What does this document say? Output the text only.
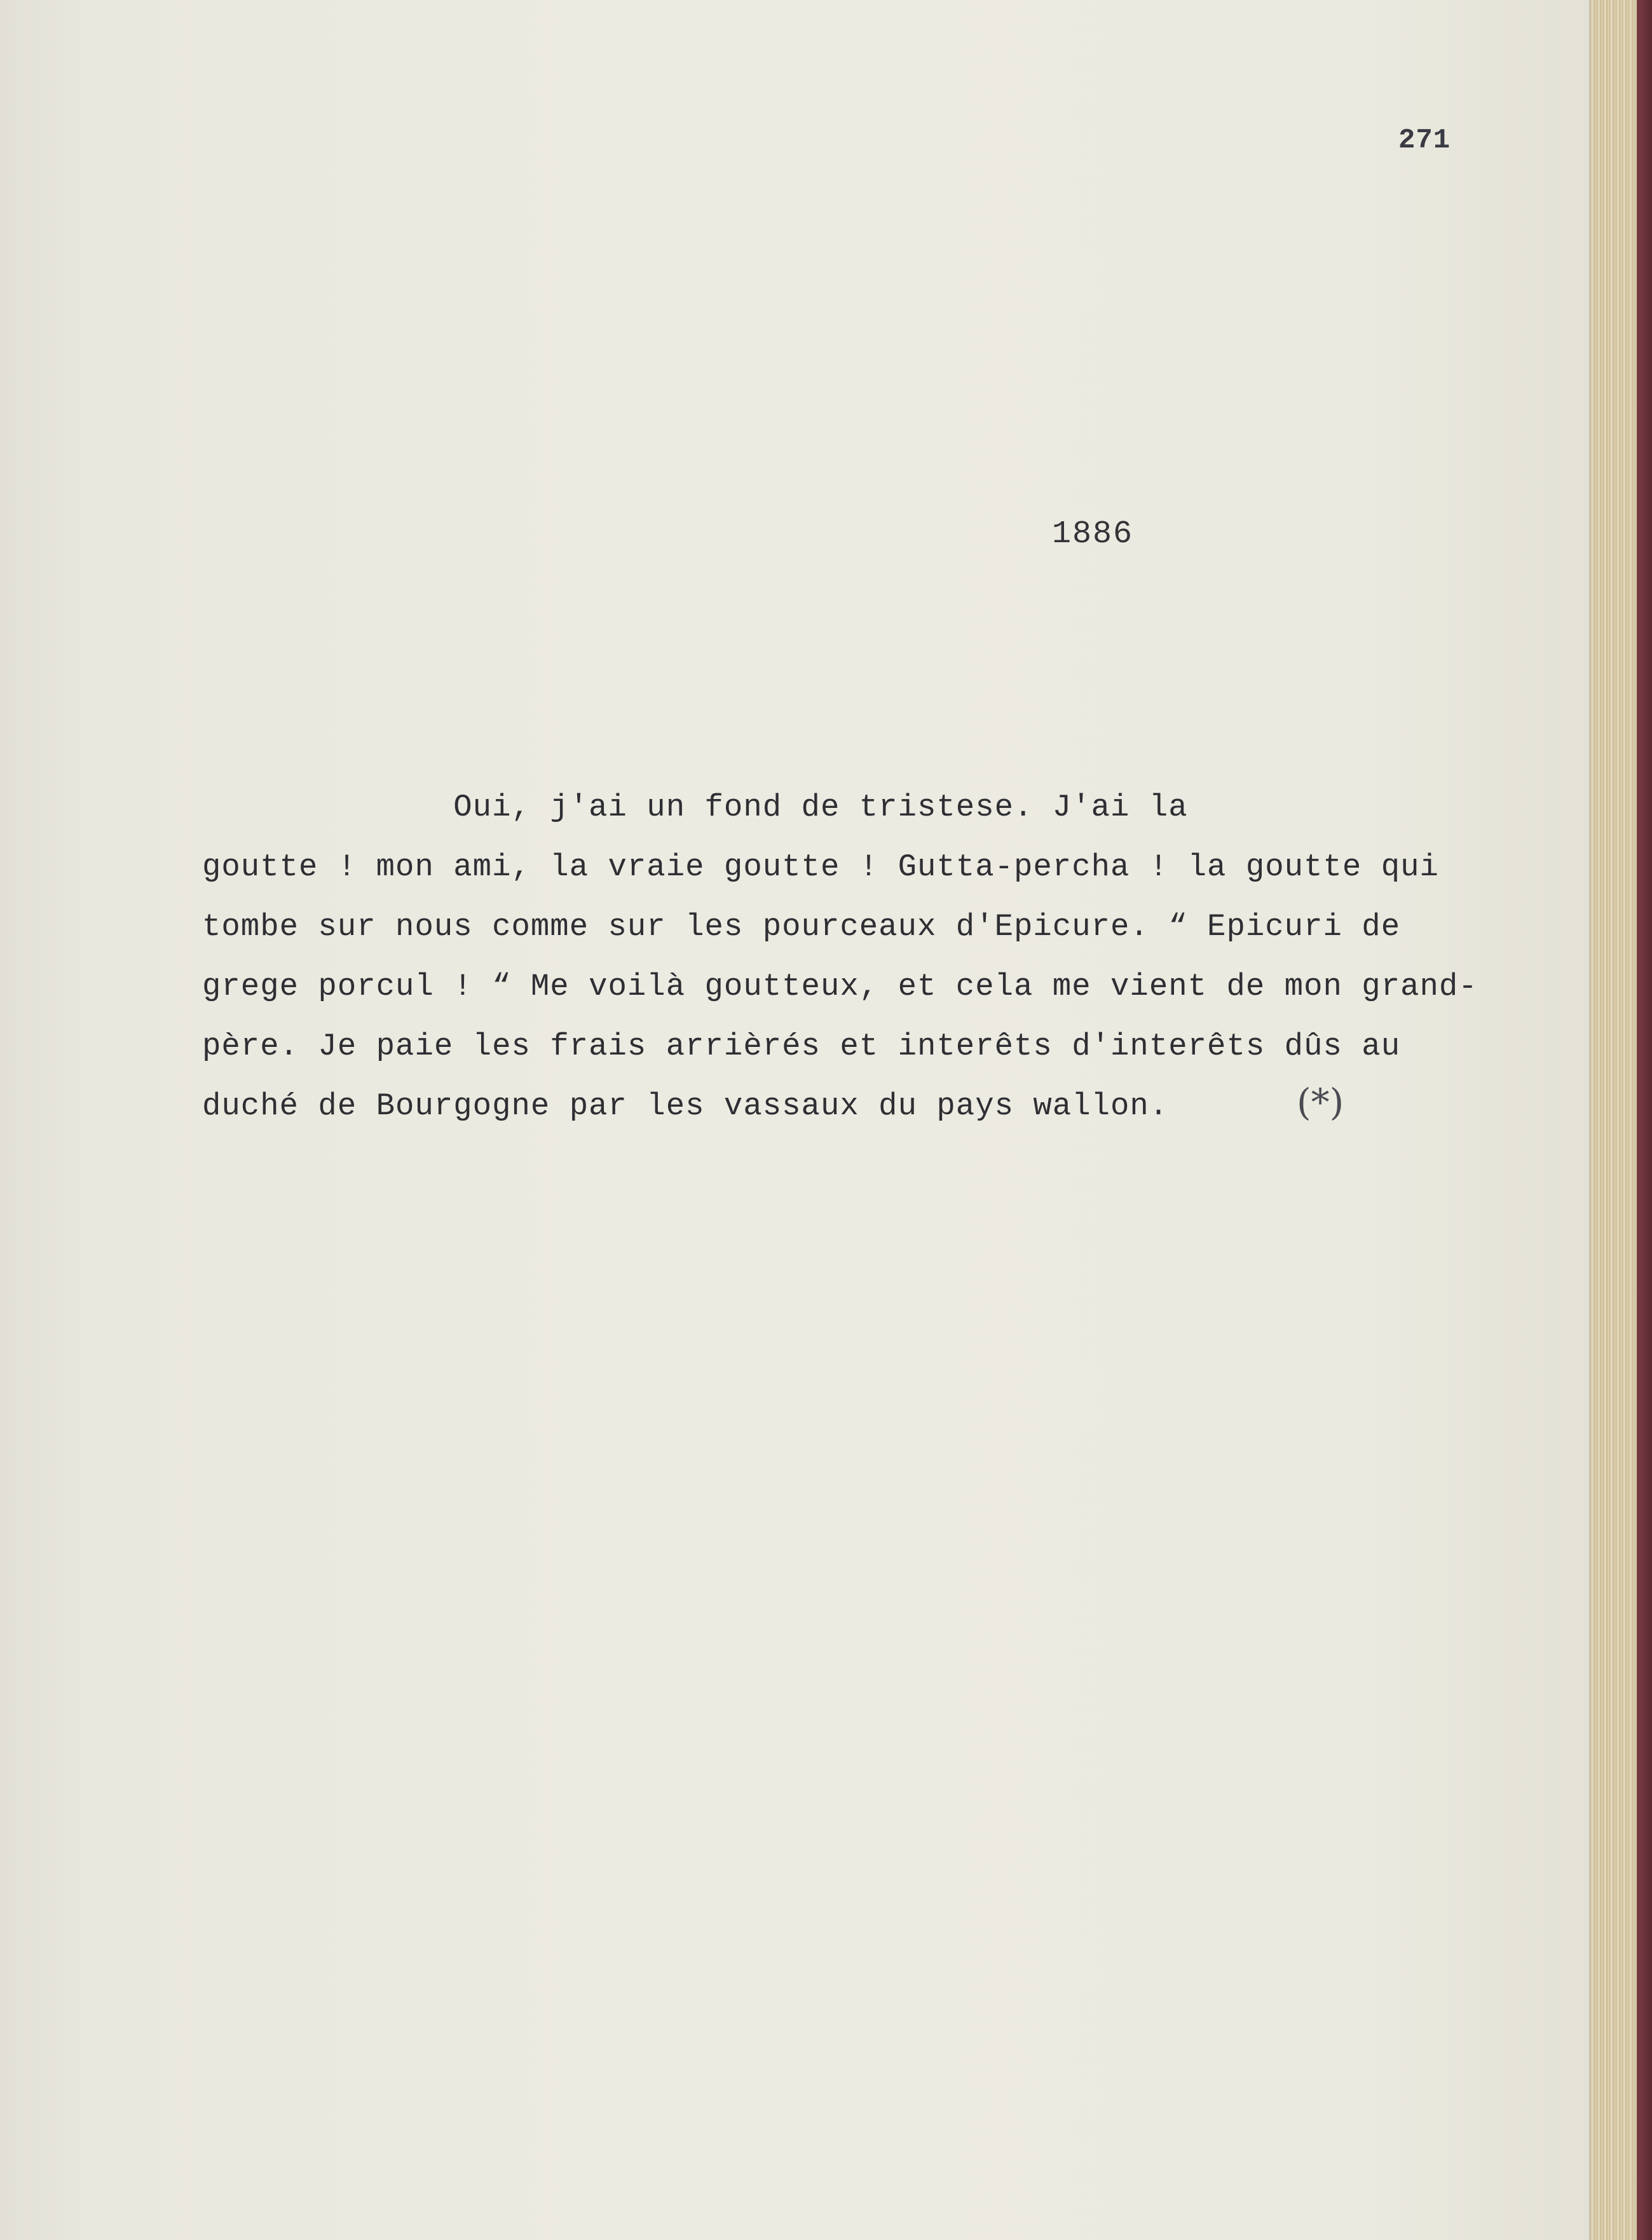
271
1886
Oui, j'ai un fond de tristese. J'ai la
goutte ! mon ami, la vraie goutte ! Gutta-percha ! la goutte qui
tombe sur nous comme sur les pourceaux d'Epicure. “ Epicuri de
grege porcul ! “ Me voilà goutteux, et cela me vient de mon grand-
père. Je paie les frais arrièrés et interêts d'interêts dûs au
duché de Bourgogne par les vassaux du pays wallon.	(*)
